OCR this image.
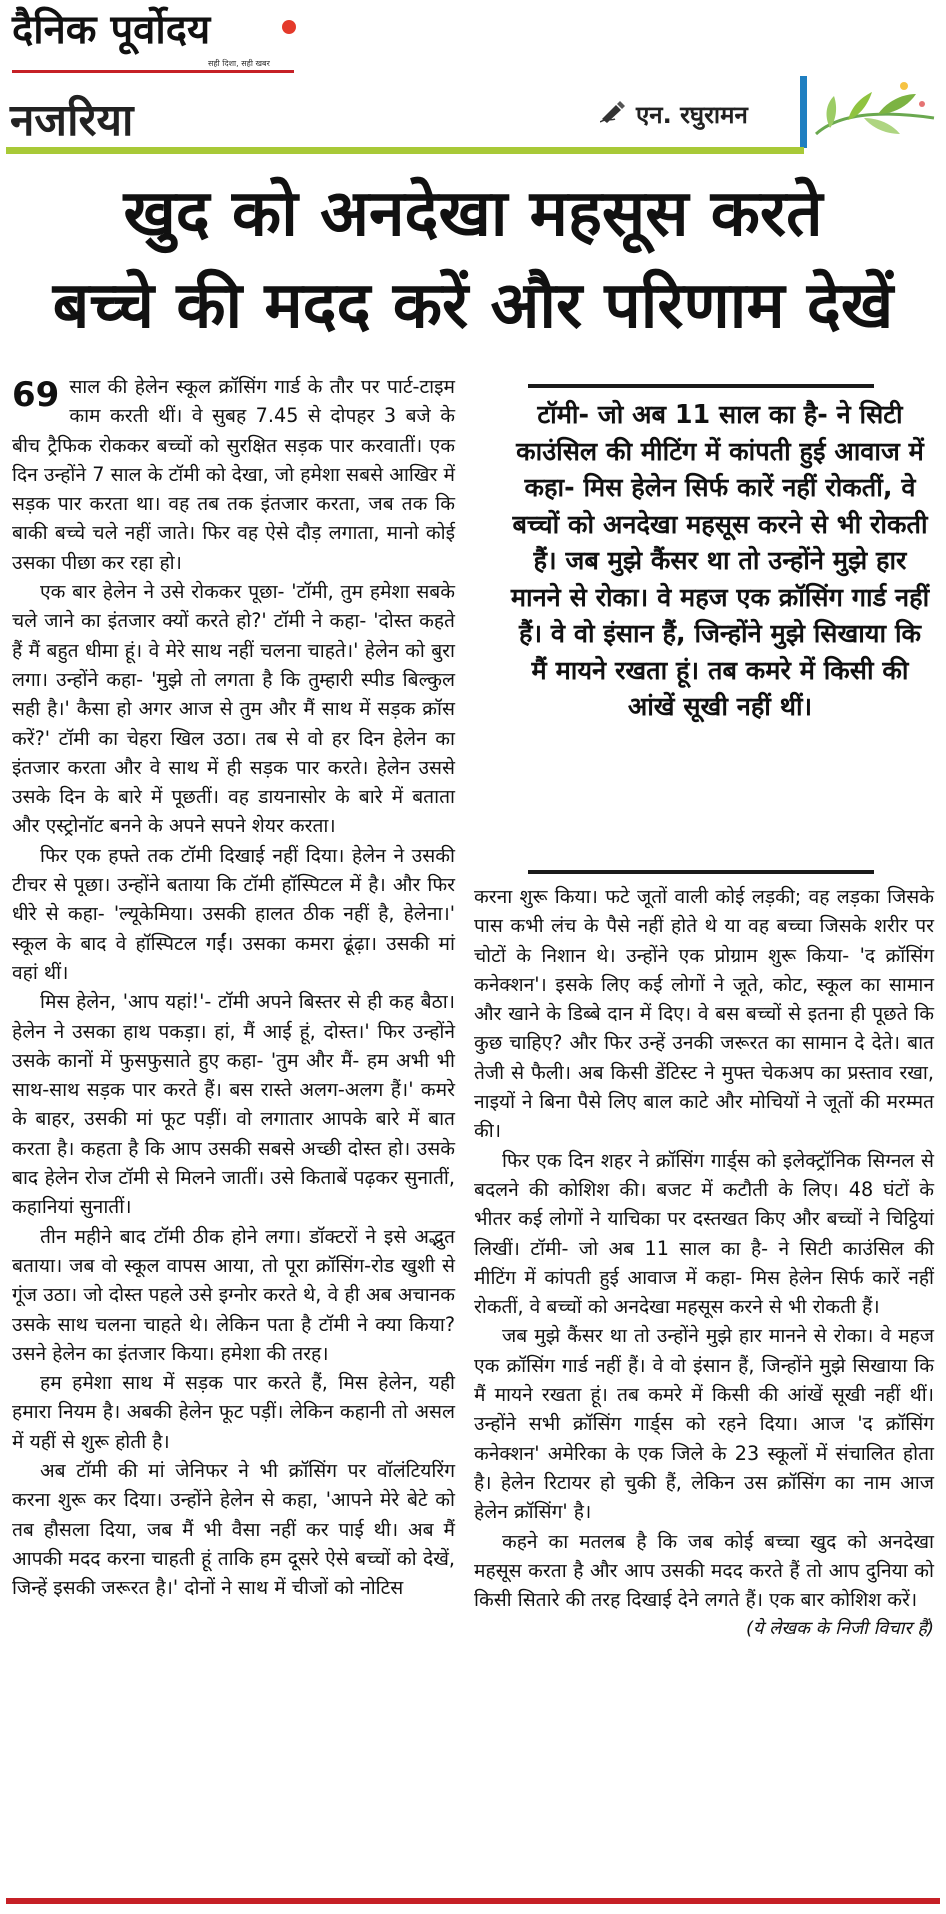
दैनिक पूर्वोदय
सही दिशा, सही खबर
नजरिया	एन. रघुरामन
खुद को अनदेखा महसूस करते
बच्चे की मदद करें और परिणाम देखें

69 साल की हेलेन स्कूल क्रॉसिंग गार्ड के तौर पर पार्ट-टाइम काम करती थीं। वे सुबह 7.45 से दोपहर 3 बजे के बीच ट्रैफिक रोककर बच्चों को सुरक्षित सड़क पार करवातीं। एक दिन उन्होंने 7 साल के टॉमी को देखा, जो हमेशा सबसे आखिर में सड़क पार करता था। वह तब तक इंतजार करता, जब तक कि बाकी बच्चे चले नहीं जाते। फिर वह ऐसे दौड़ लगाता, मानो कोई उसका पीछा कर रहा हो।

एक बार हेलेन ने उसे रोककर पूछा- 'टॉमी, तुम हमेशा सबके चले जाने का इंतजार क्यों करते हो?' टॉमी ने कहा- 'दोस्त कहते हैं मैं बहुत धीमा हूं। वे मेरे साथ नहीं चलना चाहते।' हेलेन को बुरा लगा। उन्होंने कहा- 'मुझे तो लगता है कि तुम्हारी स्पीड बिल्कुल सही है।' कैसा हो अगर आज से तुम और मैं साथ में सड़क क्रॉस करें?' टॉमी का चेहरा खिल उठा। तब से वो हर दिन हेलेन का इंतजार करता और वे साथ में ही सड़क पार करते। हेलेन उससे उसके दिन के बारे में पूछतीं। वह डायनासोर के बारे में बताता और एस्ट्रोनॉट बनने के अपने सपने शेयर करता।

फिर एक हफ्ते तक टॉमी दिखाई नहीं दिया। हेलेन ने उसकी टीचर से पूछा। उन्होंने बताया कि टॉमी हॉस्पिटल में है। और फिर धीरे से कहा- 'ल्यूकेमिया। उसकी हालत ठीक नहीं है, हेलेना।' स्कूल के बाद वे हॉस्पिटल गईं। उसका कमरा ढूंढ़ा। उसकी मां वहां थीं।

मिस हेलेन, 'आप यहां!'- टॉमी अपने बिस्तर से ही कह बैठा। हेलेन ने उसका हाथ पकड़ा। हां, मैं आई हूं, दोस्त।' फिर उन्होंने उसके कानों में फुसफुसाते हुए कहा- 'तुम और मैं- हम अभी भी साथ-साथ सड़क पार करते हैं। बस रास्ते अलग-अलग हैं।' कमरे के बाहर, उसकी मां फूट पड़ीं। वो लगातार आपके बारे में बात करता है। कहता है कि आप उसकी सबसे अच्छी दोस्त हो। उसके बाद हेलेन रोज टॉमी से मिलने जातीं। उसे किताबें पढ़कर सुनातीं, कहानियां सुनातीं।

तीन महीने बाद टॉमी ठीक होने लगा। डॉक्टरों ने इसे अद्भुत बताया। जब वो स्कूल वापस आया, तो पूरा क्रॉसिंग-रोड खुशी से गूंज उठा। जो दोस्त पहले उसे इग्नोर करते थे, वे ही अब अचानक उसके साथ चलना चाहते थे। लेकिन पता है टॉमी ने क्या किया? उसने हेलेन का इंतजार किया। हमेशा की तरह।

हम हमेशा साथ में सड़क पार करते हैं, मिस हेलेन, यही हमारा नियम है। अबकी हेलेन फूट पड़ीं। लेकिन कहानी तो असल में यहीं से शुरू होती है।

अब टॉमी की मां जेनिफर ने भी क्रॉसिंग पर वॉलंटियरिंग करना शुरू कर दिया। उन्होंने हेलेन से कहा, 'आपने मेरे बेटे को तब हौसला दिया, जब मैं भी वैसा नहीं कर पाई थी। अब मैं आपकी मदद करना चाहती हूं ताकि हम दूसरे ऐसे बच्चों को देखें, जिन्हें इसकी जरूरत है।' दोनों ने साथ में चीजों को नोटिस

टॉमी- जो अब 11 साल का है- ने सिटी काउंसिल की मीटिंग में कांपती हुई आवाज में कहा- मिस हेलेन सिर्फ कारें नहीं रोकतीं, वे बच्चों को अनदेखा महसूस करने से भी रोकती हैं। जब मुझे कैंसर था तो उन्होंने मुझे हार मानने से रोका। वे महज एक क्रॉसिंग गार्ड नहीं हैं। वे वो इंसान हैं, जिन्होंने मुझे सिखाया कि मैं मायने रखता हूं। तब कमरे में किसी की आंखें सूखी नहीं थीं।

करना शुरू किया। फटे जूतों वाली कोई लड़की; वह लड़का जिसके पास कभी लंच के पैसे नहीं होते थे या वह बच्चा जिसके शरीर पर चोटों के निशान थे। उन्होंने एक प्रोग्राम शुरू किया- 'द क्रॉसिंग कनेक्शन'। इसके लिए कई लोगों ने जूते, कोट, स्कूल का सामान और खाने के डिब्बे दान में दिए। वे बस बच्चों से इतना ही पूछते कि कुछ चाहिए? और फिर उन्हें उनकी जरूरत का सामान दे देते। बात तेजी से फैली। अब किसी डेंटिस्ट ने मुफ्त चेकअप का प्रस्ताव रखा, नाइयों ने बिना पैसे लिए बाल काटे और मोचियों ने जूतों की मरम्मत की।

फिर एक दिन शहर ने क्रॉसिंग गार्ड्स को इलेक्ट्रॉनिक सिग्नल से बदलने की कोशिश की। बजट में कटौती के लिए। 48 घंटों के भीतर कई लोगों ने याचिका पर दस्तखत किए और बच्चों ने चिट्ठियां लिखीं। टॉमी- जो अब 11 साल का है- ने सिटी काउंसिल की मीटिंग में कांपती हुई आवाज में कहा- मिस हेलेन सिर्फ कारें नहीं रोकतीं, वे बच्चों को अनदेखा महसूस करने से भी रोकती हैं।

जब मुझे कैंसर था तो उन्होंने मुझे हार मानने से रोका। वे महज एक क्रॉसिंग गार्ड नहीं हैं। वे वो इंसान हैं, जिन्होंने मुझे सिखाया कि मैं मायने रखता हूं। तब कमरे में किसी की आंखें सूखी नहीं थीं। उन्होंने सभी क्रॉसिंग गार्ड्स को रहने दिया। आज 'द क्रॉसिंग कनेक्शन' अमेरिका के एक जिले के 23 स्कूलों में संचालित होता है। हेलेन रिटायर हो चुकी हैं, लेकिन उस क्रॉसिंग का नाम आज हेलेन क्रॉसिंग' है।

कहने का मतलब है कि जब कोई बच्चा खुद को अनदेखा महसूस करता है और आप उसकी मदद करते हैं तो आप दुनिया को किसी सितारे की तरह दिखाई देने लगते हैं। एक बार कोशिश करें।

(ये लेखक के निजी विचार हैं)
